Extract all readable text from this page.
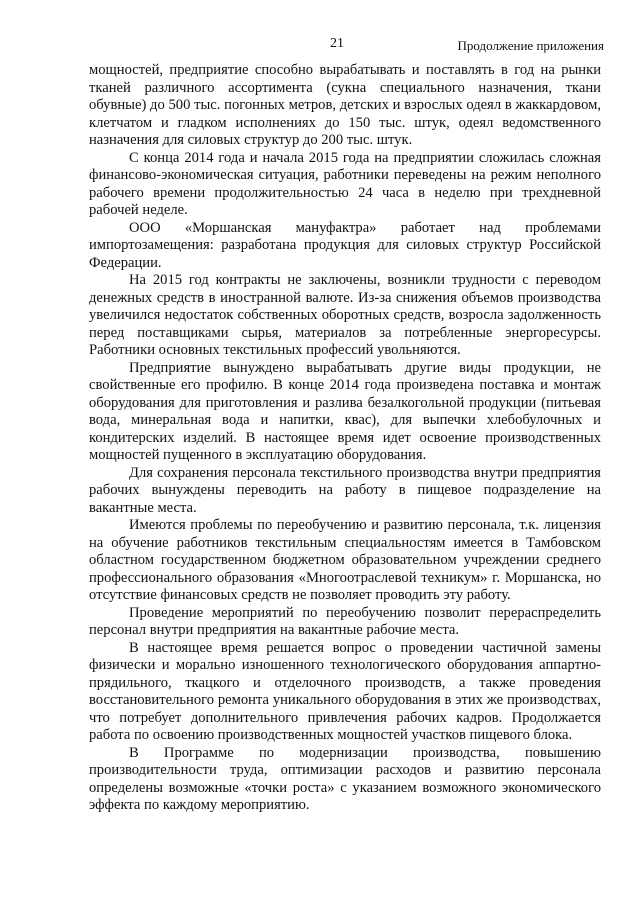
21	Продолжение приложения

мощностей, предприятие способно вырабатывать и поставлять в год на рынки тканей различного ассортимента (сукна специального назначения, ткани обувные) до 500 тыс. погонных метров, детских и взрослых одеял в жаккардовом, клетчатом и гладком исполнениях до 150 тыс. штук, одеял ведомственного назначения для силовых структур до 200 тыс. штук.

С конца 2014 года и начала 2015 года на предприятии сложилась сложная финансово-экономическая ситуация, работники переведены на режим неполного рабочего времени продолжительностью 24 часа в неделю при трехдневной рабочей неделе.

ООО «Моршанская мануфактра» работает над проблемами импортозамещения: разработана продукция для силовых структур Российской Федерации.

На 2015 год контракты не заключены, возникли трудности с переводом денежных средств в иностранной валюте. Из-за снижения объемов производства увеличился недостаток собственных оборотных средств, возросла задолженность перед поставщиками сырья, материалов за потребленные энергоресурсы. Работники основных текстильных профессий увольняются.

Предприятие вынуждено вырабатывать другие виды продукции, не свойственные его профилю. В конце 2014 года произведена поставка и монтаж оборудования для приготовления и разлива безалкогольной продукции (питьевая вода, минеральная вода и напитки, квас), для выпечки хлебобулочных и кондитерских изделий. В настоящее время идет освоение производственных мощностей пущенного в эксплуатацию оборудования.

Для сохранения персонала текстильного производства внутри предприятия рабочих вынуждены переводить на работу в пищевое подразделение на вакантные места.

Имеются проблемы по переобучению и развитию персонала, т.к. лицензия на обучение работников текстильным специальностям имеется в Тамбовском областном государственном бюджетном образовательном учреждении среднего профессионального образования «Многоотраслевой техникум» г. Моршанска, но отсутствие финансовых средств не позволяет проводить эту работу.

Проведение мероприятий по переобучению позволит перераспределить персонал внутри предприятия на вакантные рабочие места.

В настоящее время решается вопрос о проведении частичной замены физически и морально изношенного технологического оборудования аппартно-прядильного, ткацкого и отделочного производств, а также проведения восстановительного ремонта уникального оборудования в этих же производствах, что потребует дополнительного привлечения рабочих кадров. Продолжается работа по освоению производственных мощностей участков пищевого блока.

В Программе по модернизации производства, повышению производительности труда, оптимизации расходов и развитию персонала определены возможные «точки роста» с указанием возможного экономического эффекта по каждому мероприятию.
